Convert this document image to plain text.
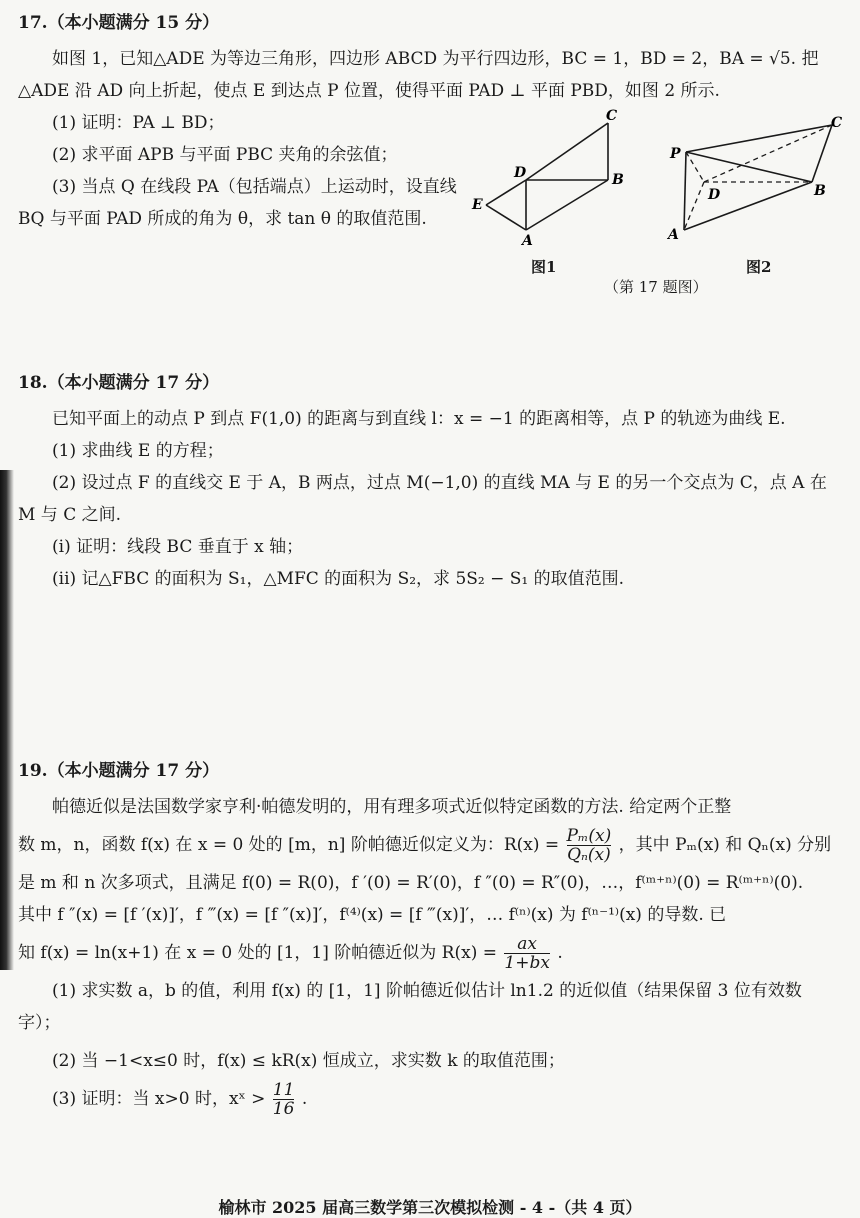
17.（本小题满分 15 分）
如图 1，已知△ADE 为等边三角形，四边形 ABCD 为平行四边形，BC = 1，BD = 2，BA = √5. 把△ADE 沿 AD 向上折起，使点 E 到达点 P 位置，使得平面 PAD ⊥ 平面 PBD，如图 2 所示.
(1) 证明：PA ⊥ BD；
(2) 求平面 APB 与平面 PBC 夹角的余弦值；
(3) 当点 Q 在线段 PA（包括端点）上运动时，设直线 BQ 与平面 PAD 所成的角为 θ，求 tan θ 的取值范围.
C
D	B
E
A
P
C
D	B
A
图1	图2
（第 17 题图）
18.（本小题满分 17 分）
已知平面上的动点 P 到点 F(1,0) 的距离与到直线 l：x = −1 的距离相等，点 P 的轨迹为曲线 E.
(1) 求曲线 E 的方程；
(2) 设过点 F 的直线交 E 于 A，B 两点，过点 M(−1,0) 的直线 MA 与 E 的另一个交点为 C，点 A 在 M 与 C 之间.
(i) 证明：线段 BC 垂直于 x 轴；
(ii) 记△FBC 的面积为 S₁，△MFC 的面积为 S₂，求 5S₂ − S₁ 的取值范围.
19.（本小题满分 17 分）
帕德近似是法国数学家亨利·帕德发明的，用有理多项式近似特定函数的方法. 给定两个正整
数 m，n，函数 f(x) 在 x = 0 处的 [m，n] 阶帕德近似定义为：$R(x) = \frac{\text{Pₘ(x)}}{\text{Qₙ(x)}}$ ，其中 Pₘ(x) 和 Qₙ(x) 分别
是 m 和 n 次多项式，且满足 f(0) = R(0)，f ′(0) = R′(0)，f ″(0) = R″(0)，…，f⁽ᵐ⁺ⁿ⁾(0) = R⁽ᵐ⁺ⁿ⁾(0).
其中 f ″(x) = [f ′(x)]′，f ‴(x) = [f ″(x)]′，f⁽⁴⁾(x) = [f ‴(x)]′，… f⁽ⁿ⁾(x) 为 f⁽ⁿ⁻¹⁾(x) 的导数. 已
知 f(x) = ln(x+1) 在 x = 0 处的 [1，1] 阶帕德近似为 $R(x) = \frac{ax}{1+bx}$ .
(1) 求实数 a，b 的值，利用 f(x) 的 [1，1] 阶帕德近似估计 ln1.2 的近似值（结果保留 3 位有效数字）；
(2) 当 −1<x≤0 时，f(x) ≤ kR(x) 恒成立，求实数 k 的取值范围；
(3) 证明：当 x>0 时，xˣ > $\frac{11}{16}$ .
榆林市 2025 届高三数学第三次模拟检测 - 4 -（共 4 页）
